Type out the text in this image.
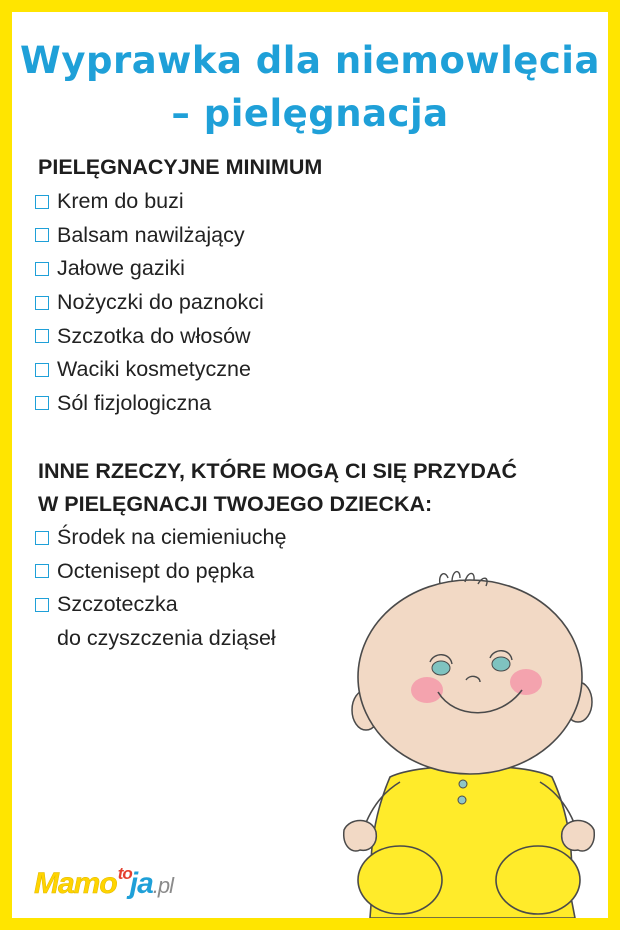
Wyprawka dla niemowlęcia
– pielęgnacja
PIELĘGNACYJNE MINIMUM
Krem do buzi
Balsam nawilżający
Jałowe gaziki
Nożyczki do paznokci
Szczotka do włosów
Waciki kosmetyczne
Sól fizjologiczna
INNE RZECZY, KTÓRE MOGĄ CI SIĘ PRZYDAĆ
W PIELĘGNACJI TWOJEGO DZIECKA:
Środek na ciemieniuchę
Octenisept do pępka
Szczoteczka
do czyszczenia dziąseł
Mamo$^{to}$ja.pl
